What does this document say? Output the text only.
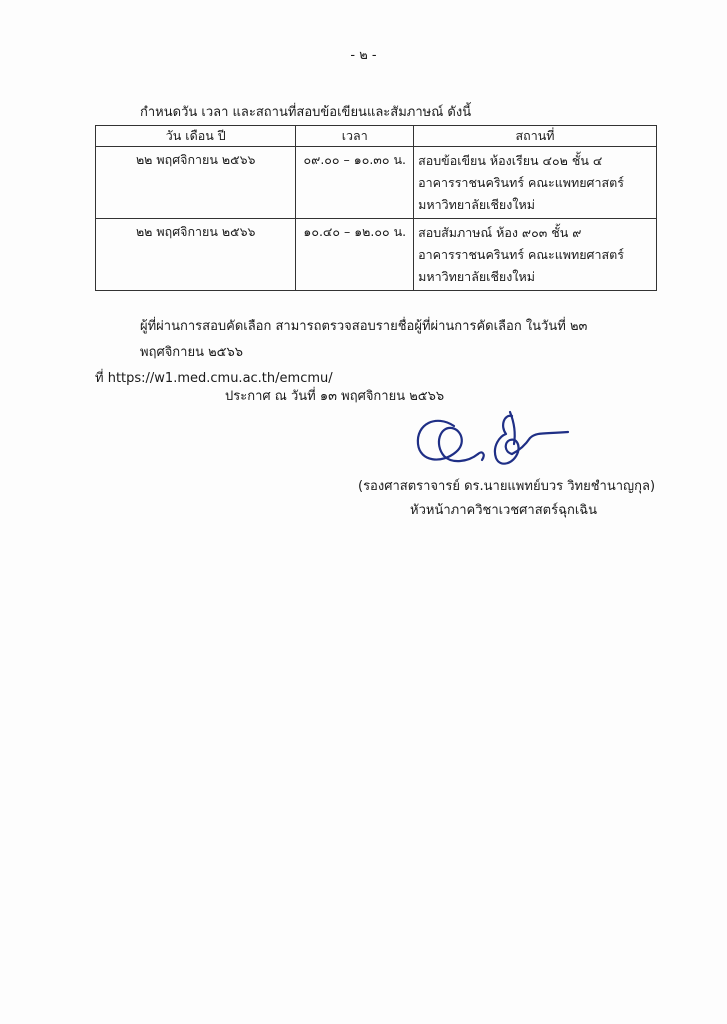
- ๒ -
กำหนดวัน เวลา และสถานที่สอบข้อเขียนและสัมภาษณ์ ดังนี้
วัน เดือน ปี	เวลา	สถานที่
๒๒ พฤศจิกายน ๒๕๖๖	๐๙.๐๐ – ๑๐.๓๐ น.	สอบข้อเขียน ห้องเรียน ๔๐๒ ชั้น ๔
อาคารราชนครินทร์ คณะแพทยศาสตร์
มหาวิทยาลัยเชียงใหม่

๒๒ พฤศจิกายน ๒๕๖๖	๑๐.๔๐ – ๑๒.๐๐ น.	สอบสัมภาษณ์ ห้อง ๙๐๓ ชั้น ๙
อาคารราชนครินทร์ คณะแพทยศาสตร์
มหาวิทยาลัยเชียงใหม่
ผู้ที่ผ่านการสอบคัดเลือก สามารถตรวจสอบรายชื่อผู้ที่ผ่านการคัดเลือก ในวันที่ ๒๓ พฤศจิกายน ๒๕๖๖
ที่ https://w1.med.cmu.ac.th/emcmu/
ประกาศ ณ วันที่ ๑๓ พฤศจิกายน ๒๕๖๖
(รองศาสตราจารย์ ดร.นายแพทย์บวร วิทยชำนาญกุล)
หัวหน้าภาควิชาเวชศาสตร์ฉุกเฉิน
